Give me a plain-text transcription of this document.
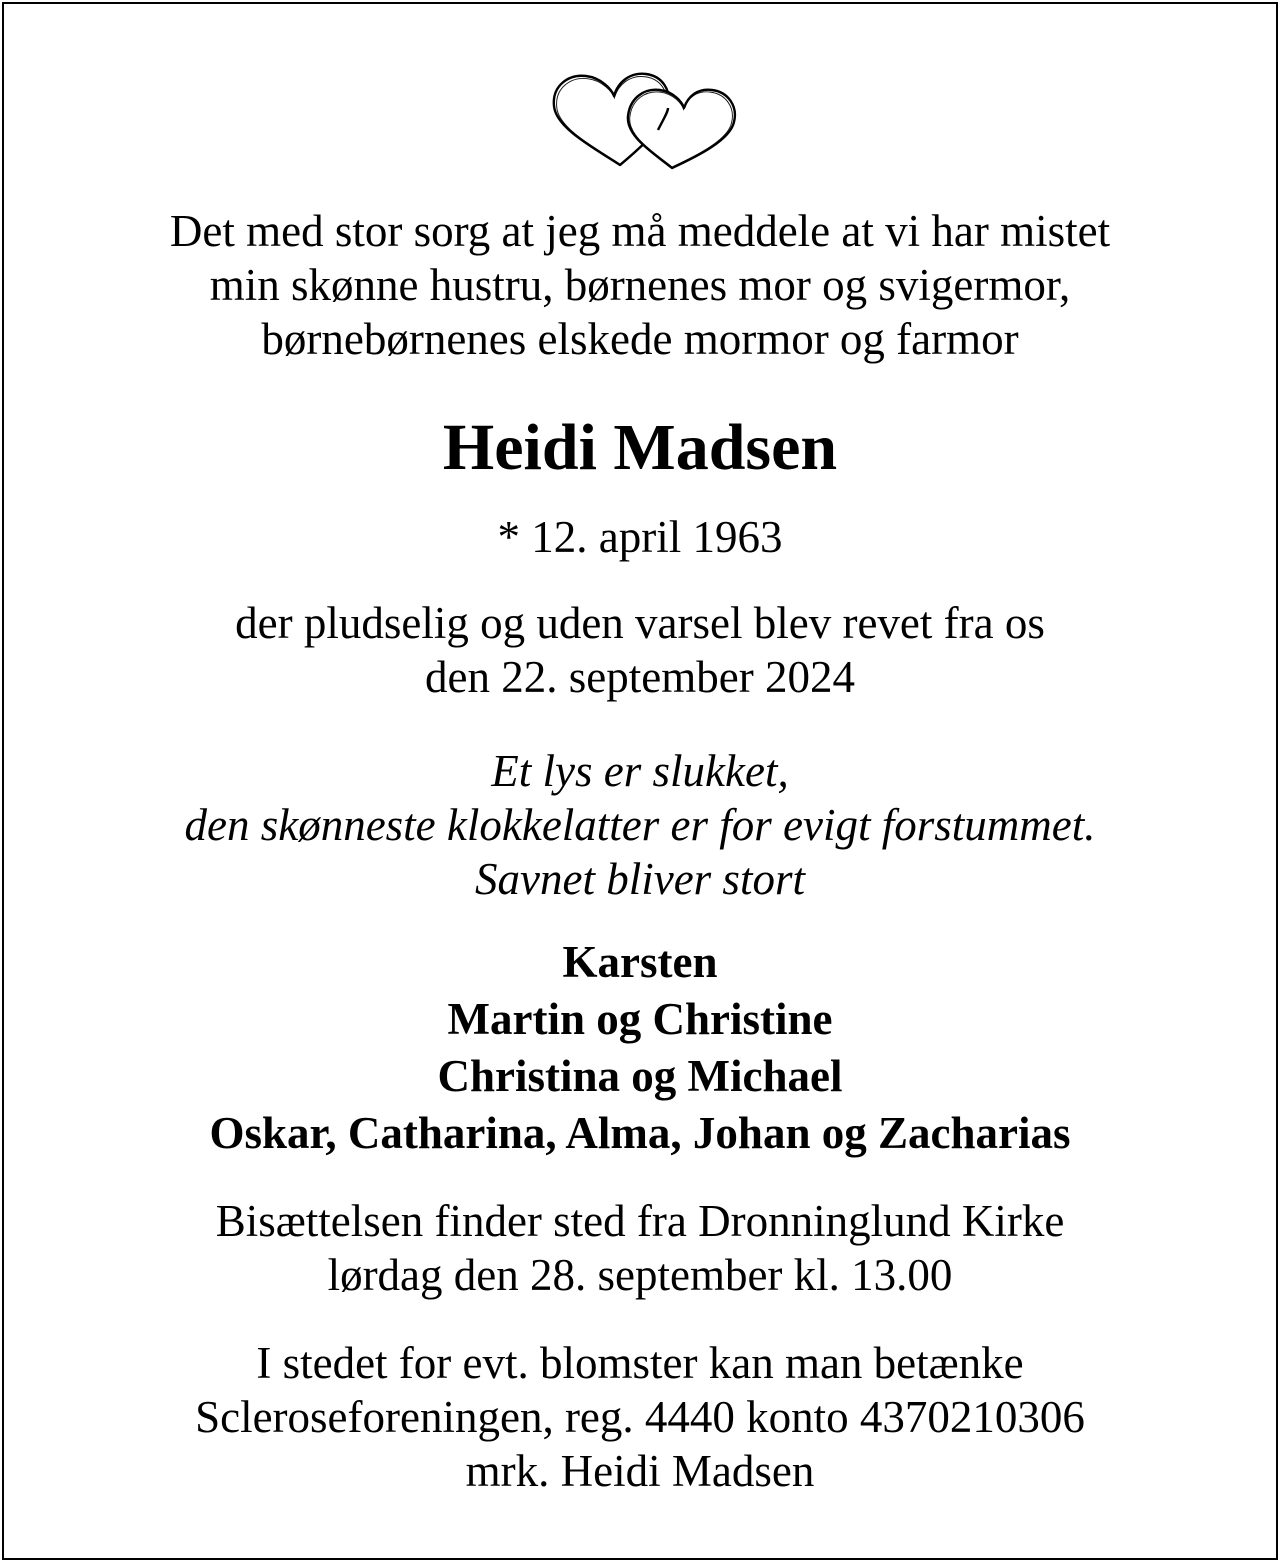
Det med stor sorg at jeg må meddele at vi har mistet
min skønne hustru, børnenes mor og svigermor,
børnebørnenes elskede mormor og farmor
Heidi Madsen
* 12. april 1963
der pludselig og uden varsel blev revet fra os
den 22. september 2024
Et lys er slukket,
den skønneste klokkelatter er for evigt forstummet.
Savnet bliver stort
Karsten
Martin og Christine
Christina og Michael
Oskar, Catharina, Alma, Johan og Zacharias
Bisættelsen finder sted fra Dronninglund Kirke
lørdag den 28. september kl. 13.00
I stedet for evt. blomster kan man betænke
Scleroseforeningen, reg. 4440 konto 4370210306
mrk. Heidi Madsen
